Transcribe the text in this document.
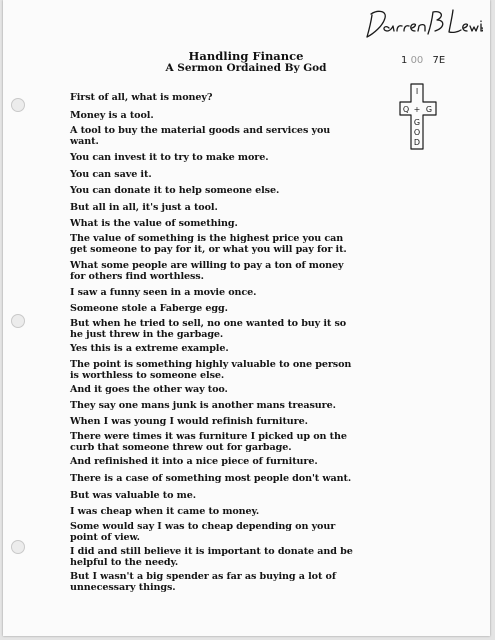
1 00 7E
Handling Finance
A Sermon Ordained By God
I
+
Q G
G
O
D
First of all, what is money?
Money is a tool.
A tool to buy the material goods and services you
want.
You can invest it to try to make more.
You can save it.
You can donate it to help someone else.
But all in all, it's just a tool.
What is the value of something.
The value of something is the highest price you can
get someone to pay for it, or what you will pay for it.
What some people are willing to pay a ton of money
for others find worthless.
I saw a funny seen in a movie once.
Someone stole a Faberge egg.
But when he tried to sell, no one wanted to buy it so
he just threw in the garbage.
Yes this is a extreme example.
The point is something highly valuable to one person
is worthless to someone else.
And it goes the other way too.
They say one mans junk is another mans treasure.
When I was young I would refinish furniture.
There were times it was furniture I picked up on the
curb that someone threw out for garbage.
And refinished it into a nice piece of furniture.
There is a case of something most people don't want.
But was valuable to me.
I was cheap when it came to money.
Some would say I was to cheap depending on your
point of view.
I did and still believe it is important to donate and be
helpful to the needy.
But I wasn't a big spender as far as buying a lot of
unnecessary things.
